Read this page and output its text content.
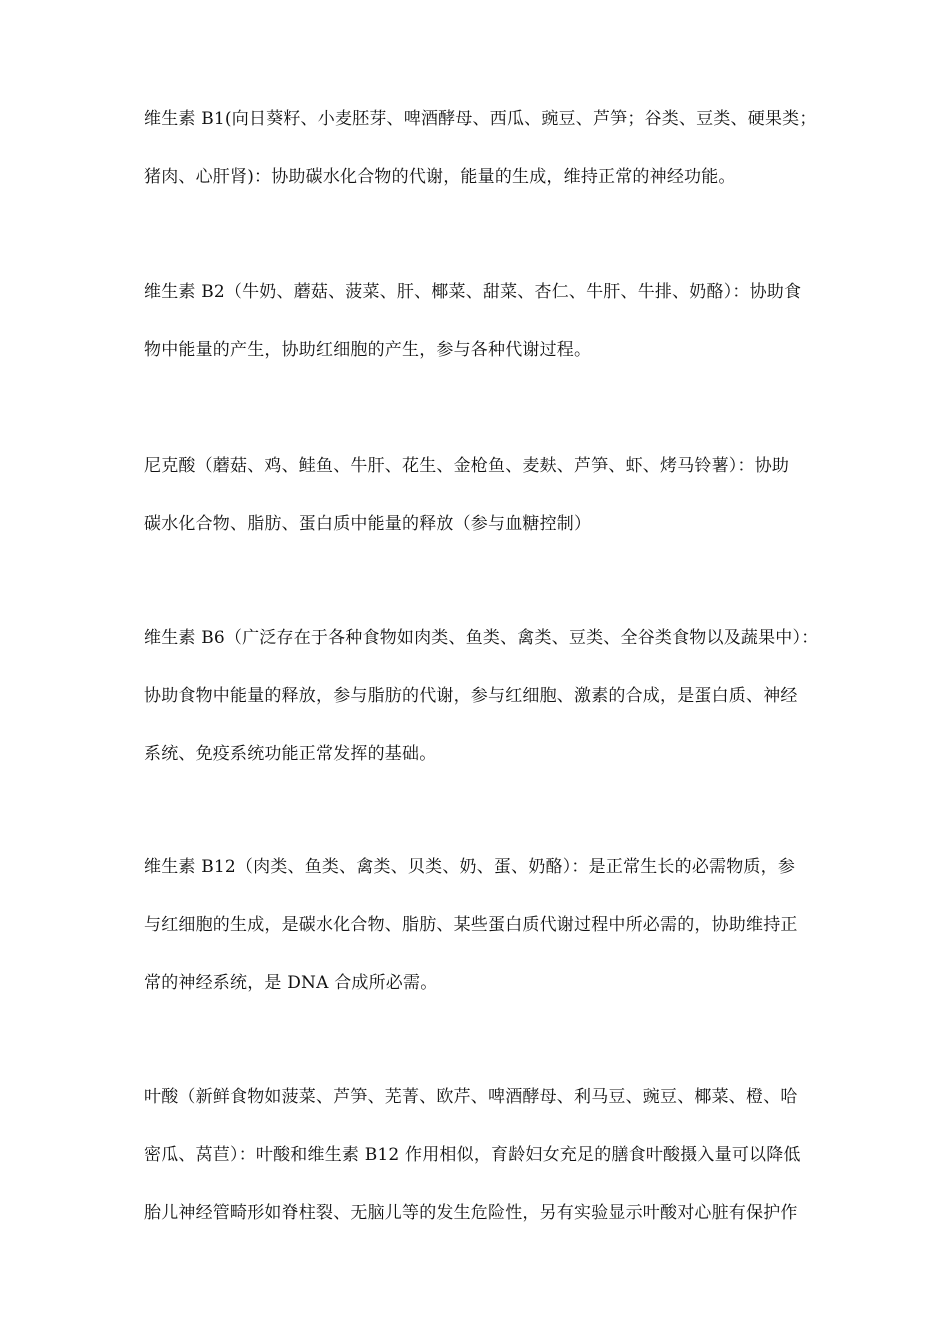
维生素 B1(向日葵籽、小麦胚芽、啤酒酵母、西瓜、豌豆、芦笋；谷类、豆类、硬果类；
猪肉、心肝肾)：协助碳水化合物的代谢，能量的生成，维持正常的神经功能。
维生素 B2（牛奶、蘑菇、菠菜、肝、椰菜、甜菜、杏仁、牛肝、牛排、奶酪）：协助食
物中能量的产生，协助红细胞的产生，参与各种代谢过程。
尼克酸（蘑菇、鸡、鲑鱼、牛肝、花生、金枪鱼、麦麸、芦笋、虾、烤马铃薯）：协助
碳水化合物、脂肪、蛋白质中能量的释放（参与血糖控制）
维生素 B6（广泛存在于各种食物如肉类、鱼类、禽类、豆类、全谷类食物以及蔬果中）：
协助食物中能量的释放，参与脂肪的代谢，参与红细胞、激素的合成，是蛋白质、神经
系统、免疫系统功能正常发挥的基础。
维生素 B12（肉类、鱼类、禽类、贝类、奶、蛋、奶酪）：是正常生长的必需物质，参
与红细胞的生成，是碳水化合物、脂肪、某些蛋白质代谢过程中所必需的，协助维持正
常的神经系统，是 DNA 合成所必需。
叶酸（新鲜食物如菠菜、芦笋、芜菁、欧芹、啤酒酵母、利马豆、豌豆、椰菜、橙、哈
密瓜、莴苣）：叶酸和维生素 B12 作用相似，育龄妇女充足的膳食叶酸摄入量可以降低
胎儿神经管畸形如脊柱裂、无脑儿等的发生危险性，另有实验显示叶酸对心脏有保护作
